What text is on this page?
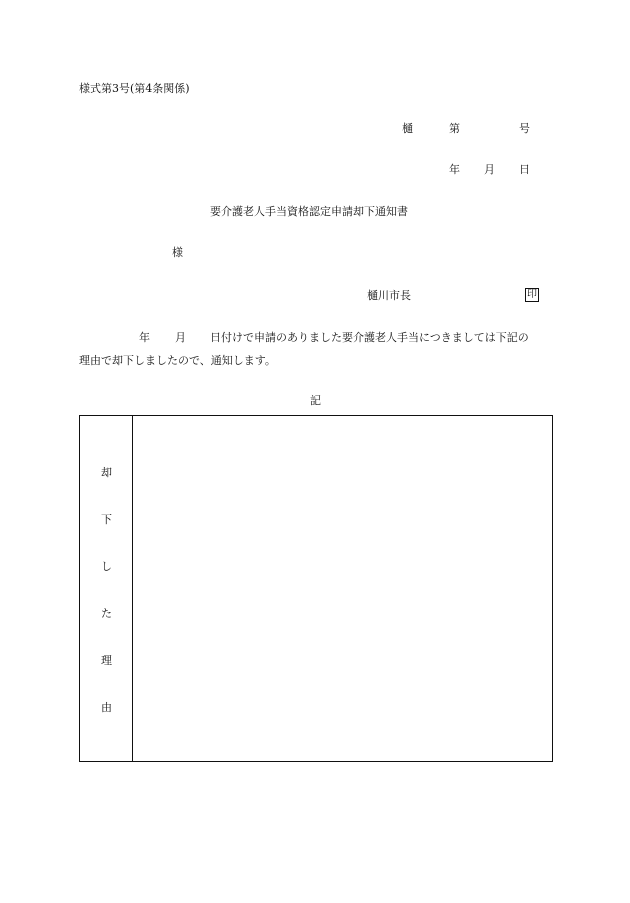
様式第3号(第4条関係)
樋	第	号
年 月 日
要介護老人手当資格認定申請却下通知書
様
樋川市長	印
年 月 日付けで申請のありました要介護老人手当につきましては下記の
理由で却下しましたので、通知します。
記
却
下
し
た
理
由
